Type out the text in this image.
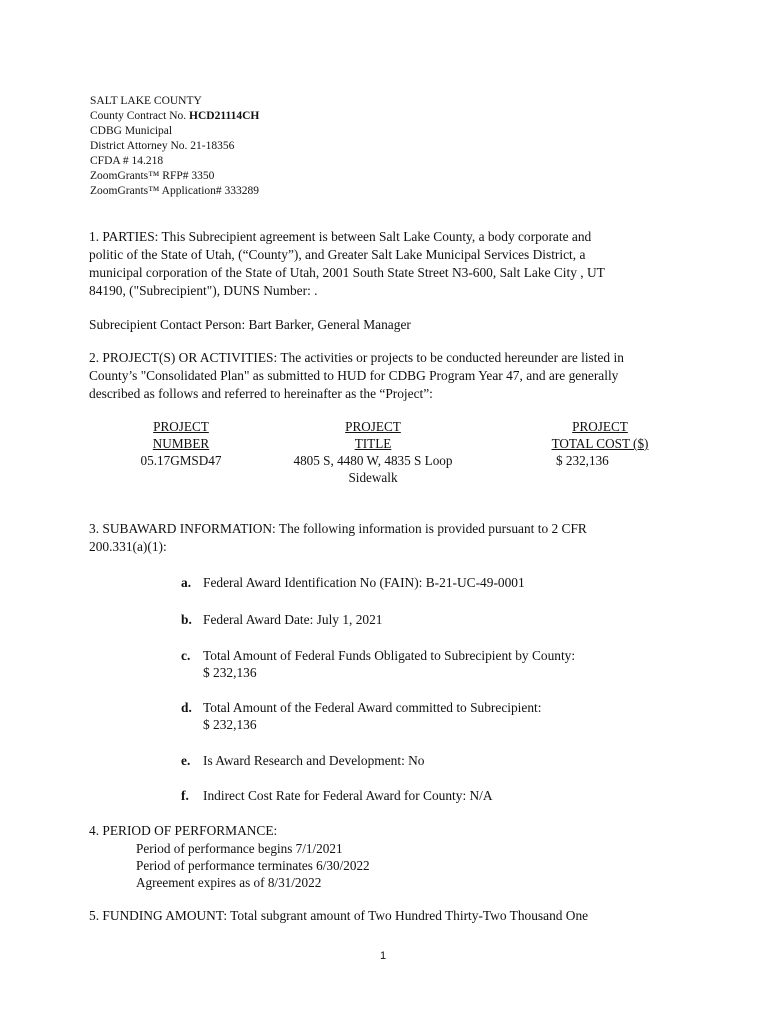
SALT LAKE COUNTY
County Contract No. HCD21114CH
CDBG Municipal
District Attorney No. 21-18356
CFDA # 14.218
ZoomGrants™ RFP# 3350
ZoomGrants™ Application# 333289
1. PARTIES: This Subrecipient agreement is between Salt Lake County, a body corporate and
politic of the State of Utah, (“County”), and Greater Salt Lake Municipal Services District, a
municipal corporation of the State of Utah, 2001 South State Street N3-600, Salt Lake City , UT
84190, ("Subrecipient"), DUNS Number: .
Subrecipient Contact Person: Bart Barker, General Manager
2. PROJECT(S) OR ACTIVITIES: The activities or projects to be conducted hereunder are listed in
County’s "Consolidated Plan" as submitted to HUD for CDBG Program Year 47, and are generally
described as follows and referred to hereinafter as the “Project”:
PROJECT
NUMBER
05.17GMSD47
PROJECT
TITLE
4805 S, 4480 W, 4835 S Loop
Sidewalk
PROJECT
TOTAL COST ($)
$ 232,136
3. SUBAWARD INFORMATION: The following information is provided pursuant to 2 CFR
200.331(a)(1):
a. Federal Award Identification No (FAIN): B-21-UC-49-0001
b. Federal Award Date: July 1, 2021
c. Total Amount of Federal Funds Obligated to Subrecipient by County:
$ 232,136
d. Total Amount of the Federal Award committed to Subrecipient:
$ 232,136
e. Is Award Research and Development: No
f. Indirect Cost Rate for Federal Award for County: N/A
4. PERIOD OF PERFORMANCE:
Period of performance begins 7/1/2021
Period of performance terminates 6/30/2022
Agreement expires as of 8/31/2022
5. FUNDING AMOUNT: Total subgrant amount of Two Hundred Thirty-Two Thousand One
1
